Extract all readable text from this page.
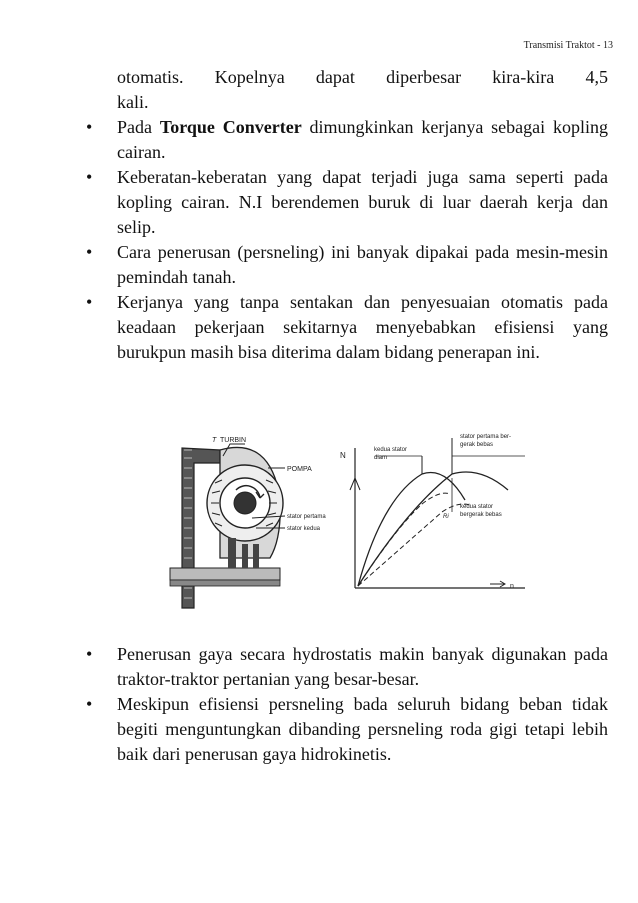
Transmisi Traktot - 13
otomatis. Kopelnya dapat diperbesar kira-kira 4,5
kali.
•	Pada Torque Converter dimungkinkan kerjanya sebagai kopling cairan.
•	Keberatan-keberatan yang dapat terjadi juga sama seperti pada kopling cairan. N.I berendemen buruk di luar daerah kerja dan selip.
•	Cara penerusan (persneling) ini banyak dipakai pada mesin-mesin pemindah tanah.
•	Kerjanya yang tanpa sentakan dan penyesuaian otomatis pada keadaan pekerjaan sekitarnya menyebabkan efisiensi yang burukpun masih bisa diterima dalam bidang penerapan ini.
T TURBIN
POMPA
stator pertama
stator kedua
N
n
kedua stator
diam
stator pertama ber-
gerak bebas
kedua stator
bergerak bebas
Ri
•	Penerusan gaya secara hydrostatis makin banyak digunakan pada traktor-traktor pertanian yang besar-besar.
•	Meskipun efisiensi persneling bada seluruh bidang beban tidak begiti menguntungkan dibanding persneling roda gigi tetapi lebih baik dari penerusan gaya hidrokinetis.
